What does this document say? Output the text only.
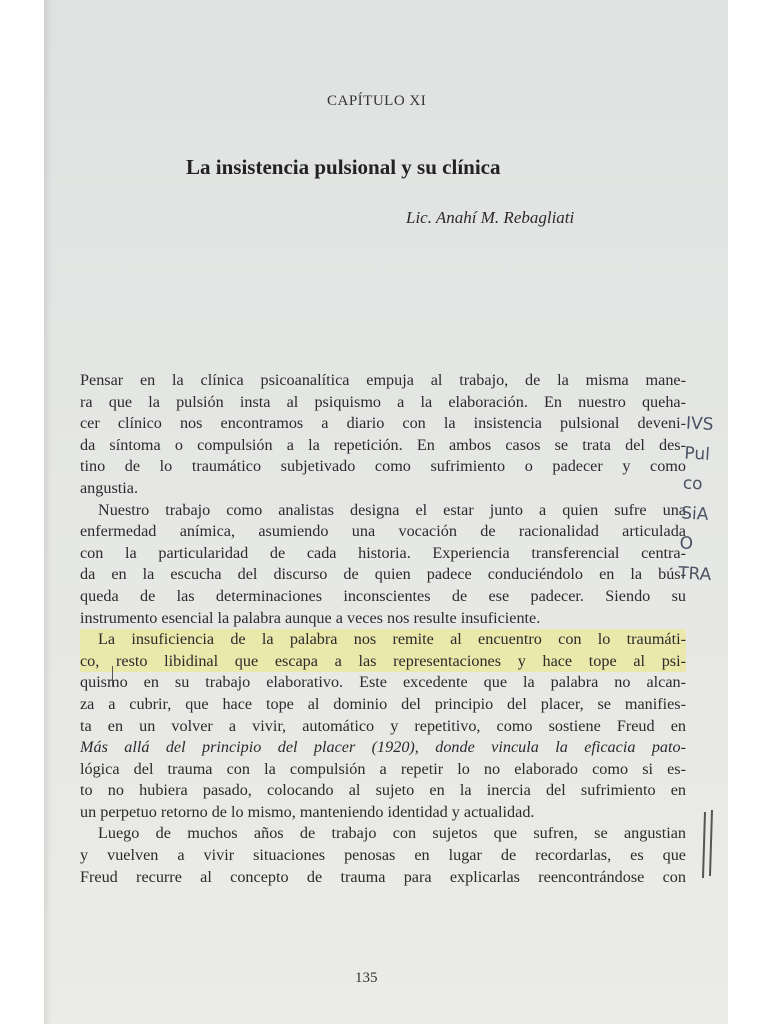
CAPÍTULO XI
La insistencia pulsional y su clínica
Lic. Anahí M. Rebagliati
Pensar en la clínica psicoanalítica empuja al trabajo, de la misma mane-
ra que la pulsión insta al psiquismo a la elaboración. En nuestro queha-
cer clínico nos encontramos a diario con la insistencia pulsional deveni-
da síntoma o compulsión a la repetición. En ambos casos se trata del des-
tino de lo traumático subjetivado como sufrimiento o padecer y como
angustia.
Nuestro trabajo como analistas designa el estar junto a quien sufre una
enfermedad anímica, asumiendo una vocación de racionalidad articulada
con la particularidad de cada historia. Experiencia transferencial centra-
da en la escucha del discurso de quien padece conduciéndolo en la bús-
queda de las determinaciones inconscientes de ese padecer. Siendo su
instrumento esencial la palabra aunque a veces nos resulte insuficiente.
La insuficiencia de la palabra nos remite al encuentro con lo traumáti-
co, resto libidinal que escapa a las representaciones y hace tope al psi-
quismo en su trabajo elaborativo. Este excedente que la palabra no alcan-
za a cubrir, que hace tope al dominio del principio del placer, se manifies-
ta en un volver a vivir, automático y repetitivo, como sostiene Freud en
Más allá del principio del placer (1920), donde vincula la eficacia pato-
lógica del trauma con la compulsión a repetir lo no elaborado como si es-
to no hubiera pasado, colocando al sujeto en la inercia del sufrimiento en
un perpetuo retorno de lo mismo, manteniendo identidad y actualidad.
Luego de muchos años de trabajo con sujetos que sufren, se angustian
y vuelven a vivir situaciones penosas en lugar de recordarlas, es que
Freud recurre al concepto de trauma para explicarlas reencontrándose con
135
IVS
Pul
co
SiA
O
TRA
